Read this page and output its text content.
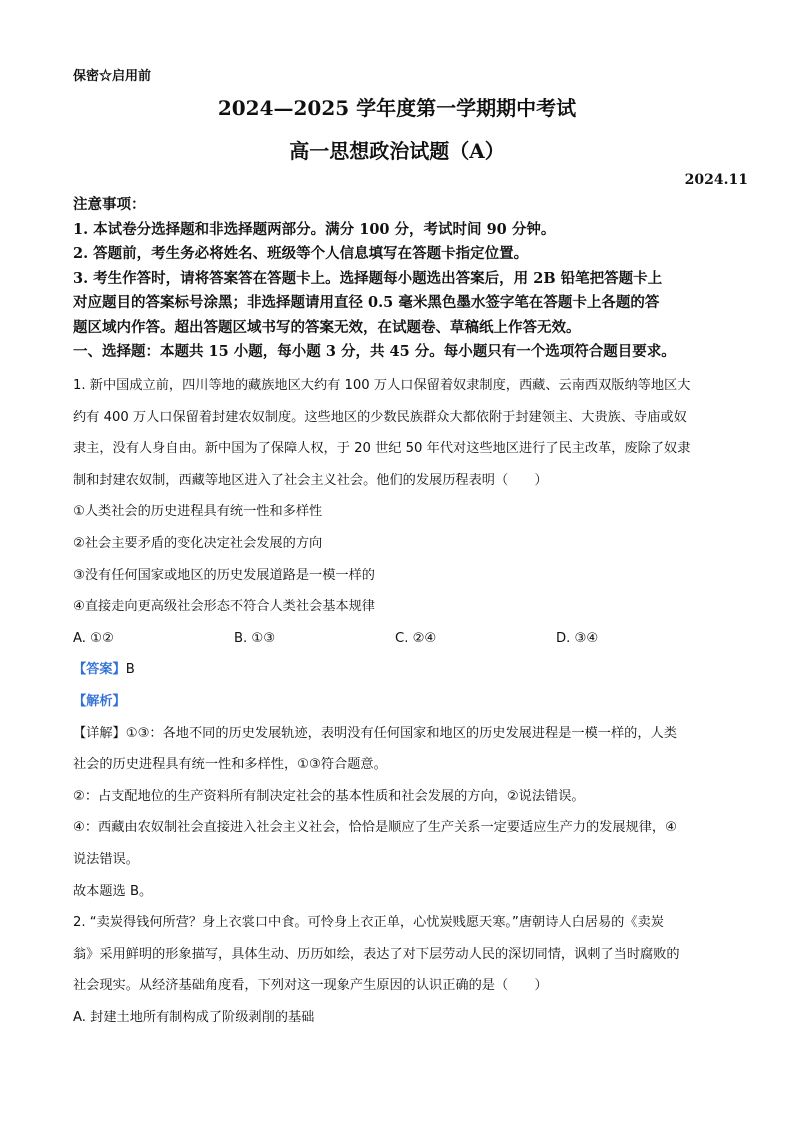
保密☆启用前
2024—2025 学年度第一学期期中考试
高一思想政治试题（A）
2024.11
注意事项：
1. 本试卷分选择题和非选择题两部分。满分 100 分，考试时间 90 分钟。
2. 答题前，考生务必将姓名、班级等个人信息填写在答题卡指定位置。
3. 考生作答时，请将答案答在答题卡上。选择题每小题选出答案后，用 2B 铅笔把答题卡上
对应题目的答案标号涂黑；非选择题请用直径 0.5 毫米黑色墨水签字笔在答题卡上各题的答
题区域内作答。超出答题区域书写的答案无效，在试题卷、草稿纸上作答无效。
一、选择题：本题共 15 小题，每小题 3 分，共 45 分。每小题只有一个选项符合题目要求。
1. 新中国成立前，四川等地的藏族地区大约有 100 万人口保留着奴隶制度，西藏、云南西双版纳等地区大
约有 400 万人口保留着封建农奴制度。这些地区的少数民族群众大都依附于封建领主、大贵族、寺庙或奴
隶主，没有人身自由。新中国为了保障人权，于 20 世纪 50 年代对这些地区进行了民主改革，废除了奴隶
制和封建农奴制，西藏等地区进入了社会主义社会。他们的发展历程表明（　　）
①人类社会的历史进程具有统一性和多样性
②社会主要矛盾的变化决定社会发展的方向
③没有任何国家或地区的历史发展道路是一模一样的
④直接走向更高级社会形态不符合人类社会基本规律
A. ①②	B. ①③	C. ②④	D. ③④
【答案】B
【解析】
【详解】①③：各地不同的历史发展轨迹，表明没有任何国家和地区的历史发展进程是一模一样的，人类
社会的历史进程具有统一性和多样性，①③符合题意。
②：占支配地位的生产资料所有制决定社会的基本性质和社会发展的方向，②说法错误。
④：西藏由农奴制社会直接进入社会主义社会，恰恰是顺应了生产关系一定要适应生产力的发展规律，④
说法错误。
故本题选 B。
2. “卖炭得钱何所营？身上衣裳口中食。可怜身上衣正单，心忧炭贱愿天寒。”唐朝诗人白居易的《卖炭
翁》采用鲜明的形象描写，具体生动、历历如绘，表达了对下层劳动人民的深切同情，讽刺了当时腐败的
社会现实。从经济基础角度看，下列对这一现象产生原因的认识正确的是（　　）
A. 封建土地所有制构成了阶级剥削的基础
